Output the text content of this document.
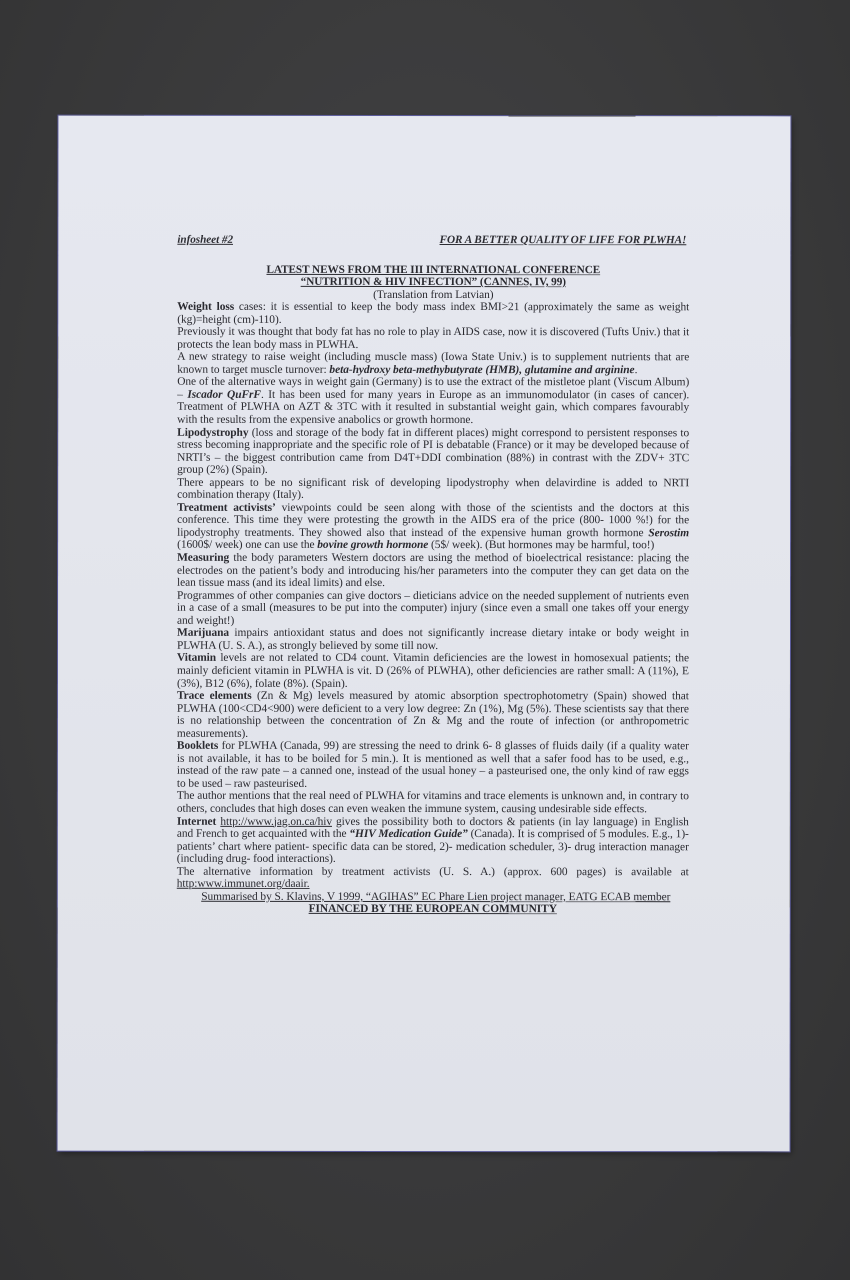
infosheet #2	FOR A BETTER QUALITY OF LIFE FOR PLWHA!
LATEST NEWS FROM THE III INTERNATIONAL CONFERENCE
“NUTRITION & HIV INFECTION” (CANNES, IV, 99)
(Translation from Latvian)

Weight loss cases: it is essential to keep the body mass index BMI>21 (approximately the same as weight (kg)=height (cm)-110).

Previously it was thought that body fat has no role to play in AIDS case, now it is discovered (Tufts Univ.) that it protects the lean body mass in PLWHA.

A new strategy to raise weight (including muscle mass) (Iowa State Univ.) is to supplement nutrients that are known to target muscle turnover: beta-hydroxy beta-methybutyrate (HMB), glutamine and arginine.

One of the alternative ways in weight gain (Germany) is to use the extract of the mistletoe plant (Viscum Album) – Iscador QuFrF. It has been used for many years in Europe as an immunomodulator (in cases of cancer). Treatment of PLWHA on AZT & 3TC with it resulted in substantial weight gain, which compares favourably with the results from the expensive anabolics or growth hormone.

Lipodystrophy (loss and storage of the body fat in different places) might correspond to persistent responses to stress becoming inappropriate and the specific role of PI is debatable (France) or it may be developed because of NRTI’s – the biggest contribution came from D4T+DDI combination (88%) in contrast with the ZDV+ 3TC group (2%) (Spain).

There appears to be no significant risk of developing lipodystrophy when delavirdine is added to NRTI combination therapy (Italy).

Treatment activists’ viewpoints could be seen along with those of the scientists and the doctors at this conference. This time they were protesting the growth in the AIDS era of the price (800- 1000 %!) for the lipodystrophy treatments. They showed also that instead of the expensive human growth hormone Serostim (1600$/ week) one can use the bovine growth hormone (5$/ week). (But hormones may be harmful, too!)

Measuring the body parameters Western doctors are using the method of bioelectrical resistance: placing the electrodes on the patient’s body and introducing his/her parameters into the computer they can get data on the lean tissue mass (and its ideal limits) and else.

Programmes of other companies can give doctors – dieticians advice on the needed supplement of nutrients even in a case of a small (measures to be put into the computer) injury (since even a small one takes off your energy and weight!)

Marijuana impairs antioxidant status and does not significantly increase dietary intake or body weight in PLWHA (U. S. A.), as strongly believed by some till now.

Vitamin levels are not related to CD4 count. Vitamin deficiencies are the lowest in homosexual patients; the mainly deficient vitamin in PLWHA is vit. D (26% of PLWHA), other deficiencies are rather small: A (11%), E (3%), B12 (6%), folate (8%). (Spain).

Trace elements (Zn & Mg) levels measured by atomic absorption spectrophotometry (Spain) showed that PLWHA (100<CD4<900) were deficient to a very low degree: Zn (1%), Mg (5%). These scientists say that there is no relationship between the concentration of Zn & Mg and the route of infection (or anthropometric measurements).

Booklets for PLWHA (Canada, 99) are stressing the need to drink 6- 8 glasses of fluids daily (if a quality water is not available, it has to be boiled for 5 min.). It is mentioned as well that a safer food has to be used, e.g., instead of the raw pate – a canned one, instead of the usual honey – a pasteurised one, the only kind of raw eggs to be used – raw pasteurised.

The author mentions that the real need of PLWHA for vitamins and trace elements is unknown and, in contrary to others, concludes that high doses can even weaken the immune system, causing undesirable side effects.

Internet http://www.jag.on.ca/hiv gives the possibility both to doctors & patients (in lay language) in English and French to get acquainted with the “HIV Medication Guide” (Canada). It is comprised of 5 modules. E.g., 1)- patients’ chart where patient- specific data can be stored, 2)- medication scheduler, 3)- drug interaction manager (including drug- food interactions).

The alternative information by treatment activists (U. S. A.) (approx. 600 pages) is available at http:www.immunet.org/daair.

Summarised by S. Klavins, V 1999, “AGIHAS” EC Phare Lien project manager, EATG ECAB member
FINANCED BY THE EUROPEAN COMMUNITY
